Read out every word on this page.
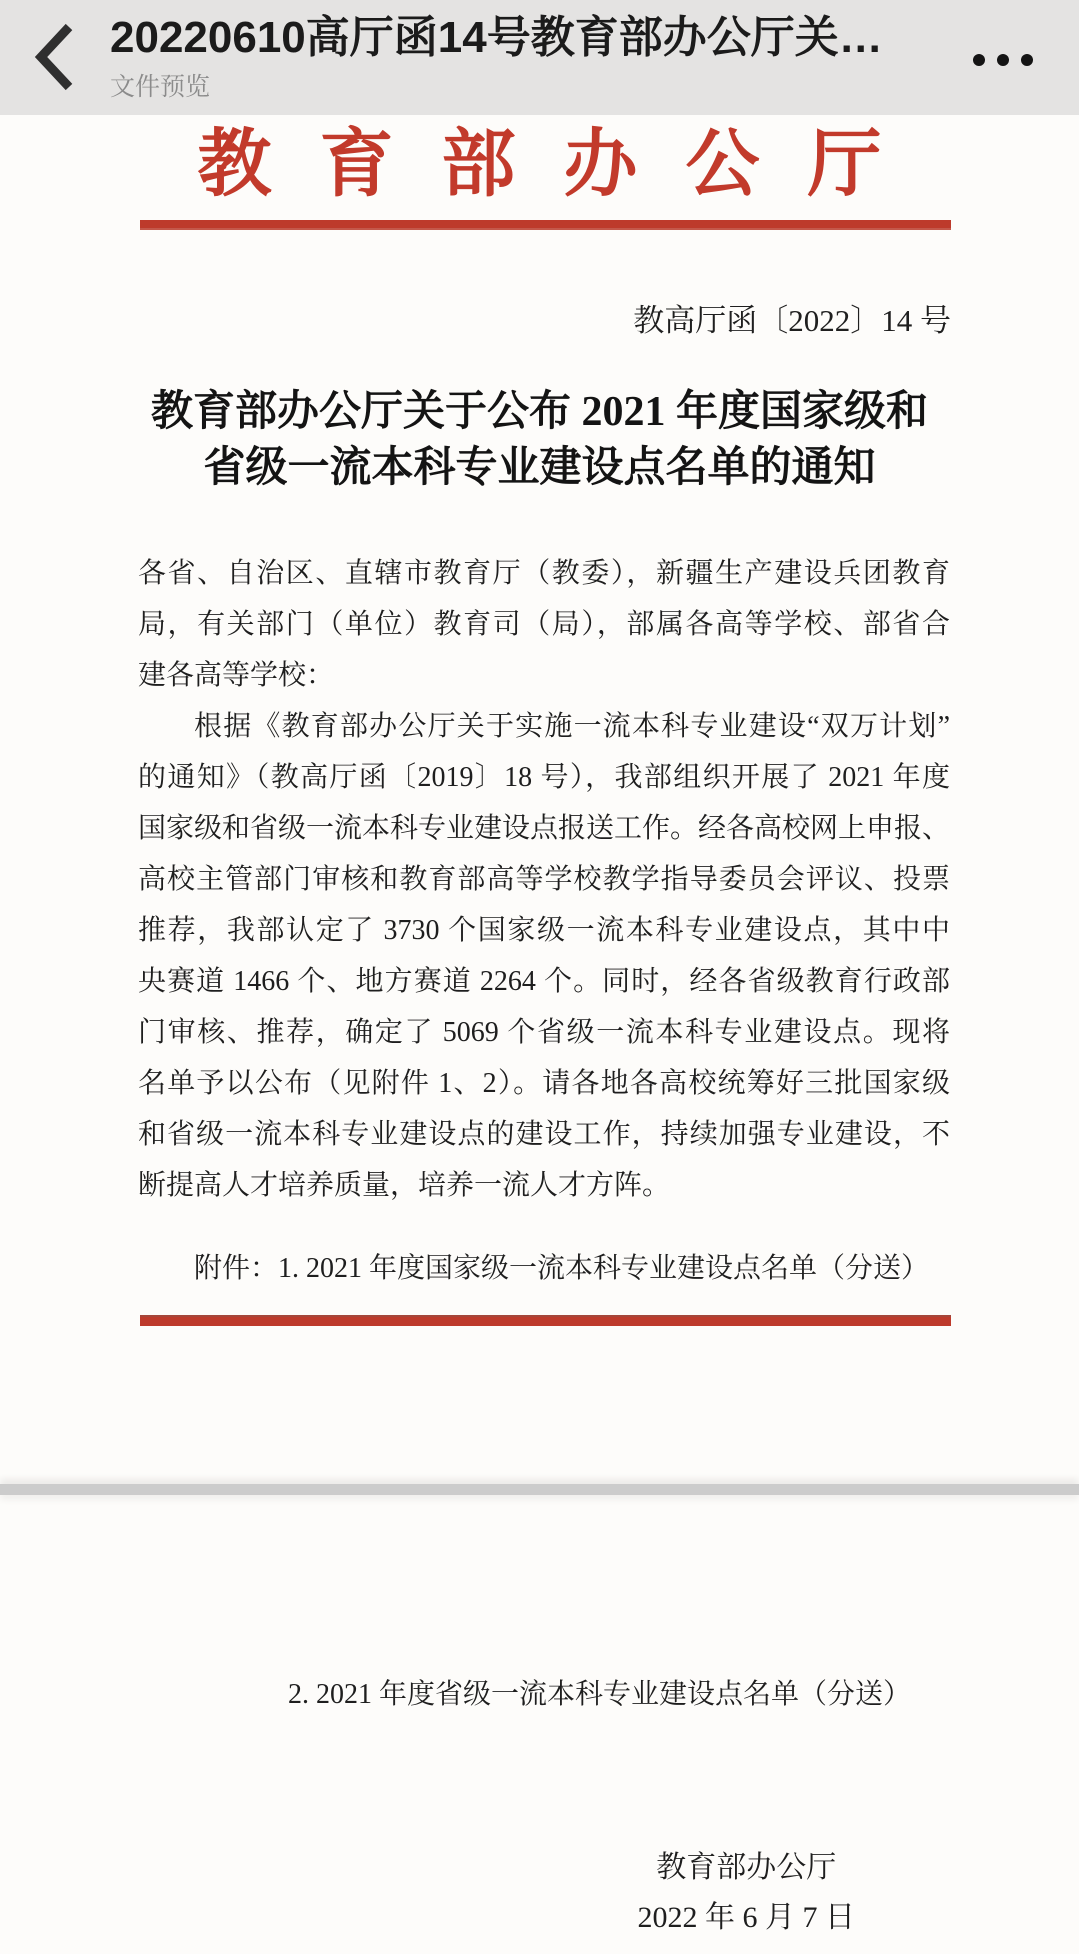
20220610高厅函14号教育部办公厅关…
文件预览
教育部办公厅
教高厅函〔2022〕14 号
教育部办公厅关于公布 2021 年度国家级和
省级一流本科专业建设点名单的通知
各省、自治区、直辖市教育厅（教委），新疆生产建设兵团教育
局，有关部门（单位）教育司（局），部属各高等学校、部省合
建各高等学校：
根据《教育部办公厅关于实施一流本科专业建设“双万计划”
的通知》（教高厅函〔2019〕18 号），我部组织开展了 2021 年度
国家级和省级一流本科专业建设点报送工作。经各高校网上申报、
高校主管部门审核和教育部高等学校教学指导委员会评议、投票
推荐，我部认定了 3730 个国家级一流本科专业建设点，其中中
央赛道 1466 个、地方赛道 2264 个。同时，经各省级教育行政部
门审核、推荐，确定了 5069 个省级一流本科专业建设点。现将
名单予以公布（见附件 1、2）。请各地各高校统筹好三批国家级
和省级一流本科专业建设点的建设工作，持续加强专业建设，不
断提高人才培养质量，培养一流人才方阵。
附件：1. 2021 年度国家级一流本科专业建设点名单（分送）
2. 2021 年度省级一流本科专业建设点名单（分送）
教育部办公厅
2022 年 6 月 7 日
